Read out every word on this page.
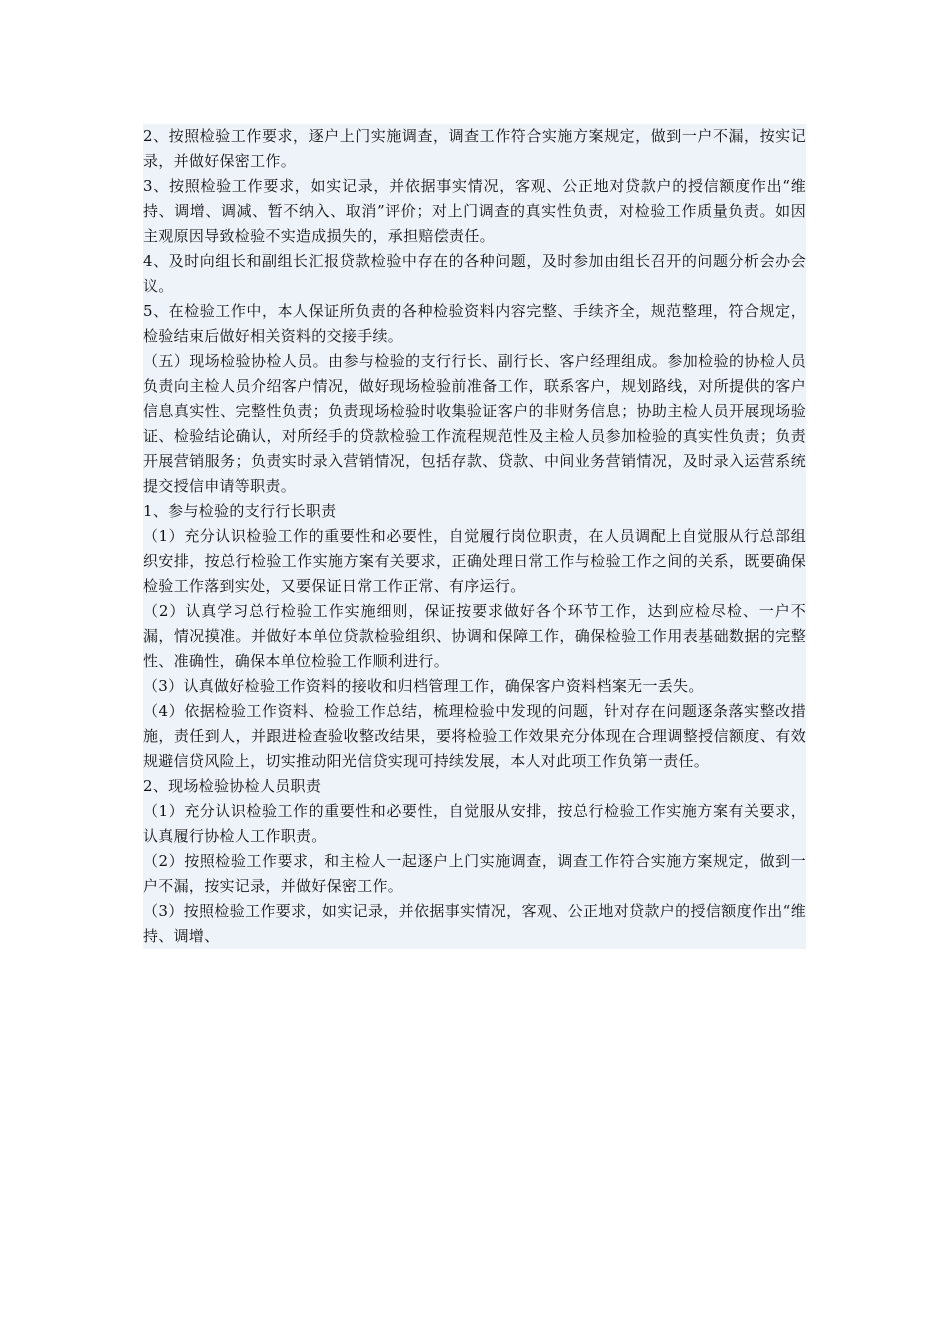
2、按照检验工作要求，逐户上门实施调查，调查工作符合实施方案规定，做到一户不漏，按实记录，并做好保密工作。

3、按照检验工作要求，如实记录，并依据事实情况，客观、公正地对贷款户的授信额度作出“维持、调增、调减、暂不纳入、取消”评价；对上门调查的真实性负责，对检验工作质量负责。如因主观原因导致检验不实造成损失的，承担赔偿责任。

4、及时向组长和副组长汇报贷款检验中存在的各种问题，及时参加由组长召开的问题分析会办会议。

5、在检验工作中，本人保证所负责的各种检验资料内容完整、手续齐全，规范整理，符合规定，检验结束后做好相关资料的交接手续。

（五）现场检验协检人员。由参与检验的支行行长、副行长、客户经理组成。参加检验的协检人员负责向主检人员介绍客户情况，做好现场检验前准备工作，联系客户，规划路线，对所提供的客户信息真实性、完整性负责；负责现场检验时收集验证客户的非财务信息；协助主检人员开展现场验证、检验结论确认，对所经手的贷款检验工作流程规范性及主检人员参加检验的真实性负责；负责开展营销服务；负责实时录入营销情况，包括存款、贷款、中间业务营销情况，及时录入运营系统提交授信申请等职责。

1、参与检验的支行行长职责

（1）充分认识检验工作的重要性和必要性，自觉履行岗位职责，在人员调配上自觉服从行总部组织安排，按总行检验工作实施方案有关要求，正确处理日常工作与检验工作之间的关系，既要确保检验工作落到实处，又要保证日常工作正常、有序运行。

（2）认真学习总行检验工作实施细则，保证按要求做好各个环节工作，达到应检尽检、一户不漏，情况摸准。并做好本单位贷款检验组织、协调和保障工作，确保检验工作用表基础数据的完整性、准确性，确保本单位检验工作顺利进行。

（3）认真做好检验工作资料的接收和归档管理工作，确保客户资料档案无一丢失。

（4）依据检验工作资料、检验工作总结，梳理检验中发现的问题，针对存在问题逐条落实整改措施，责任到人，并跟进检查验收整改结果，要将检验工作效果充分体现在合理调整授信额度、有效规避信贷风险上，切实推动阳光信贷实现可持续发展，本人对此项工作负第一责任。

2、现场检验协检人员职责

（1）充分认识检验工作的重要性和必要性，自觉服从安排，按总行检验工作实施方案有关要求，认真履行协检人工作职责。

（2）按照检验工作要求，和主检人一起逐户上门实施调查，调查工作符合实施方案规定，做到一户不漏，按实记录，并做好保密工作。

（3）按照检验工作要求，如实记录，并依据事实情况，客观、公正地对贷款户的授信额度作出“维持、调增、
